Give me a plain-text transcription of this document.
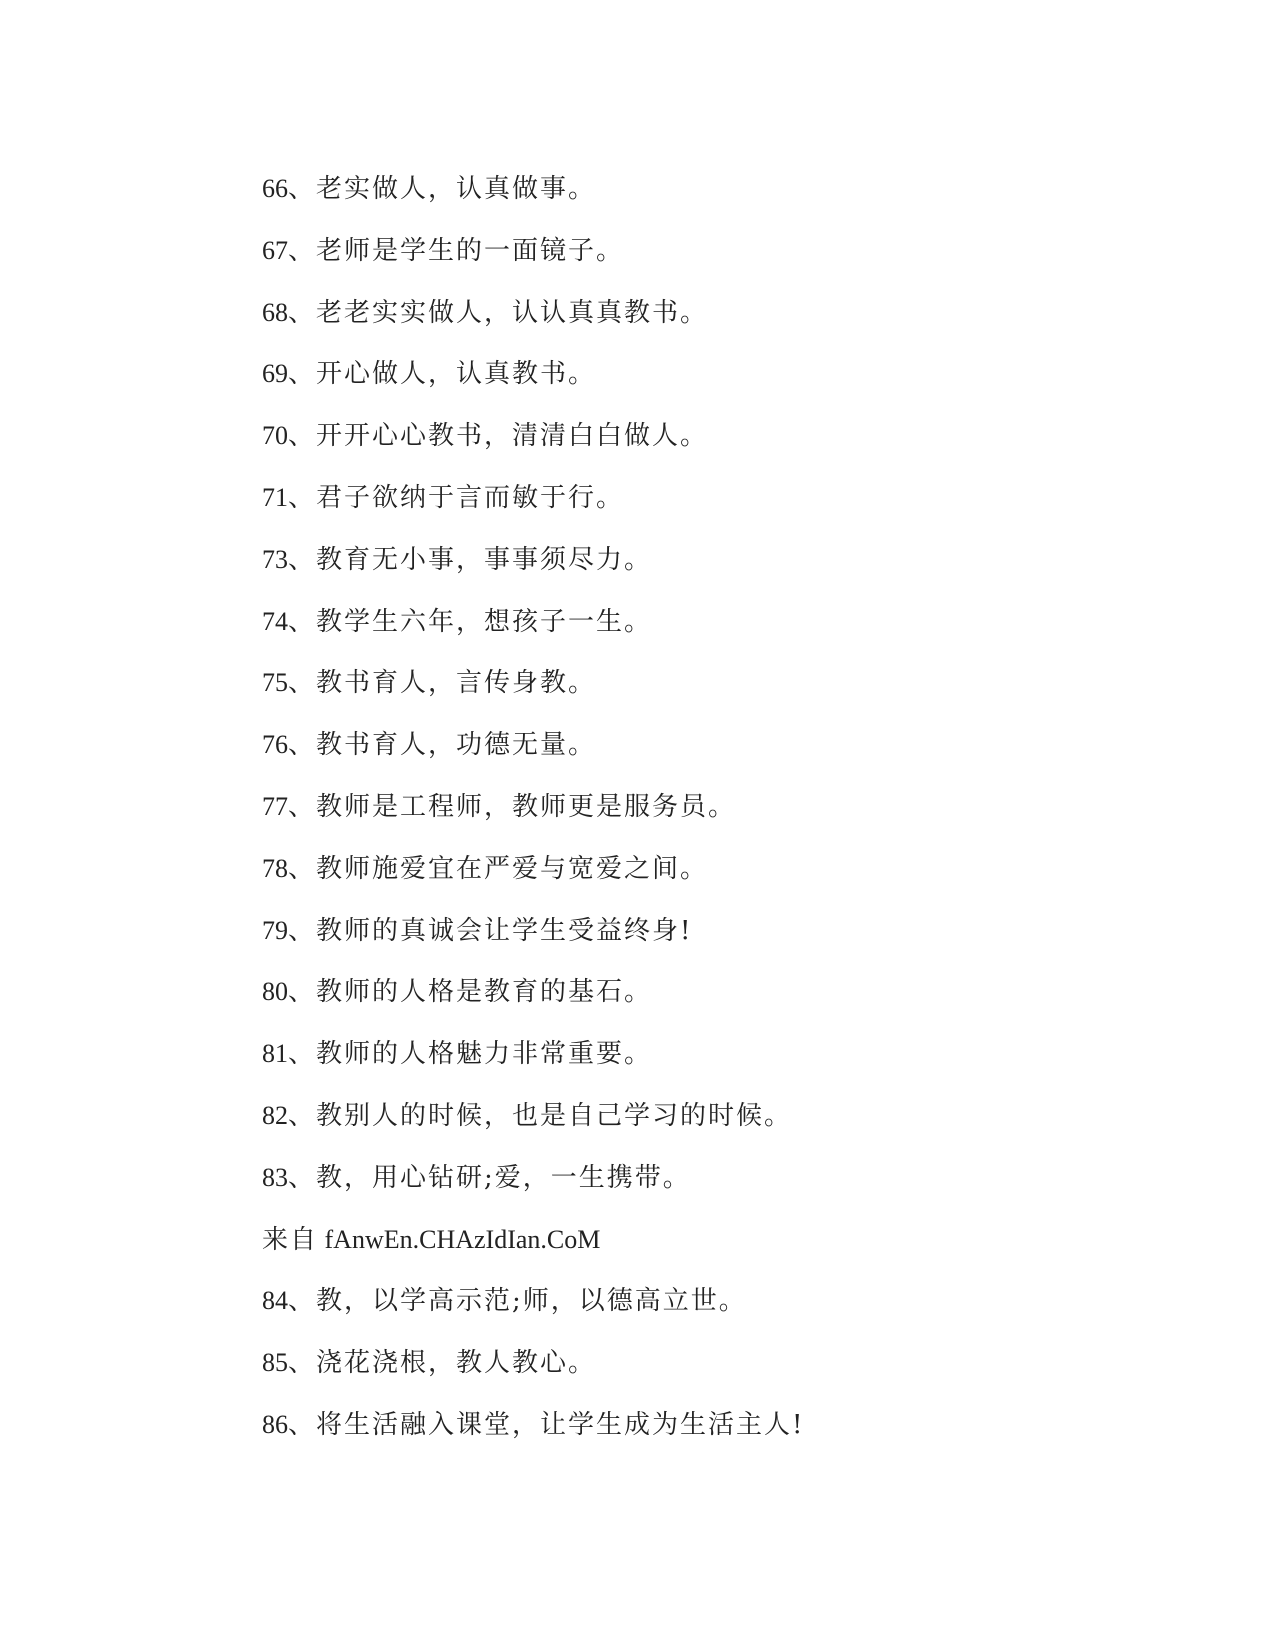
66、老实做人，认真做事。
67、老师是学生的一面镜子。
68、老老实实做人，认认真真教书。
69、开心做人，认真教书。
70、开开心心教书，清清白白做人。
71、君子欲纳于言而敏于行。
73、教育无小事，事事须尽力。
74、教学生六年，想孩子一生。
75、教书育人，言传身教。
76、教书育人，功德无量。
77、教师是工程师，教师更是服务员。
78、教师施爱宜在严爱与宽爱之间。
79、教师的真诚会让学生受益终身!
80、教师的人格是教育的基石。
81、教师的人格魅力非常重要。
82、教别人的时候，也是自己学习的时候。
83、教，用心钻研;爱，一生携带。
来自 fAnwEn.CHAzIdIan.CoM
84、教，以学高示范;师，以德高立世。
85、浇花浇根，教人教心。
86、将生活融入课堂，让学生成为生活主人!
